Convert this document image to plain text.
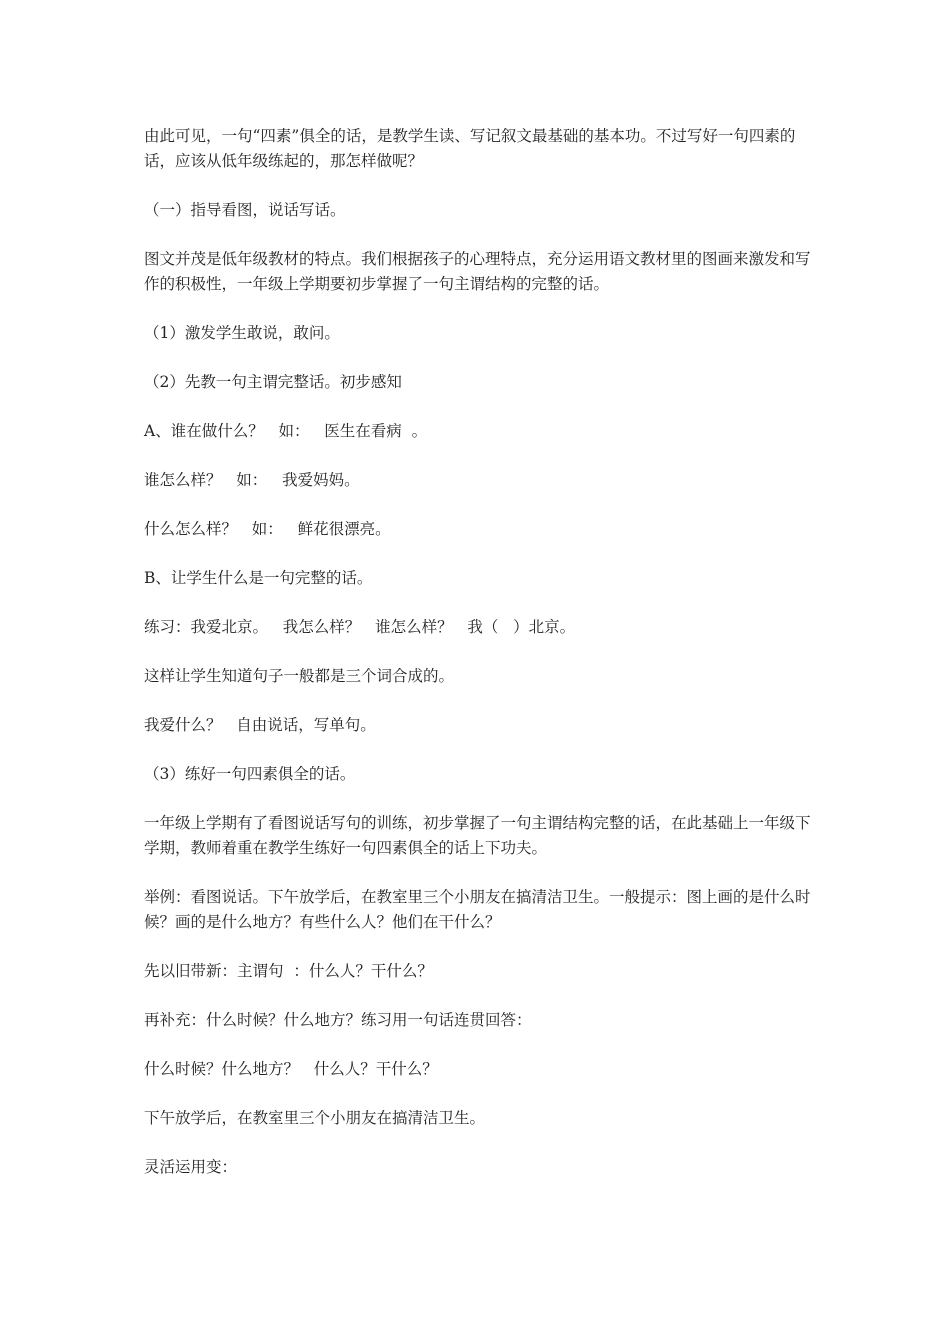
由此可见，一句“四素”俱全的话，是教学生读、写记叙文最基础的基本功。不过写好一句四素的话，应该从低年级练起的，那怎样做呢？

（一）指导看图，说话写话。

图文并茂是低年级教材的特点。我们根据孩子的心理特点，充分运用语文教材里的图画来激发和写作的积极性，一年级上学期要初步掌握了一句主谓结构的完整的话。

（1）激发学生敢说，敢问。

（2）先教一句主谓完整话。初步感知

A、谁在做什么？   如：   医生在看病  。

谁怎么样？   如：   我爱妈妈。

什么怎么样？   如：   鲜花很漂亮。

B、让学生什么是一句完整的话。

练习：我爱北京。   我怎么样？   谁怎么样？   我（   ）北京。

这样让学生知道句子一般都是三个词合成的。

我爱什么？   自由说话，写单句。

（3）练好一句四素俱全的话。

一年级上学期有了看图说话写句的训练，初步掌握了一句主谓结构完整的话，在此基础上一年级下学期，教师着重在教学生练好一句四素俱全的话上下功夫。

举例：看图说话。下午放学后，在教室里三个小朋友在搞清洁卫生。一般提示：图上画的是什么时候？画的是什么地方？有些什么人？他们在干什么？

先以旧带新：主谓句  ：什么人？干什么？

再补充：什么时候？什么地方？练习用一句话连贯回答：

什么时候？什么地方？   什么人？干什么？

下午放学后，在教室里三个小朋友在搞清洁卫生。

灵活运用变：
